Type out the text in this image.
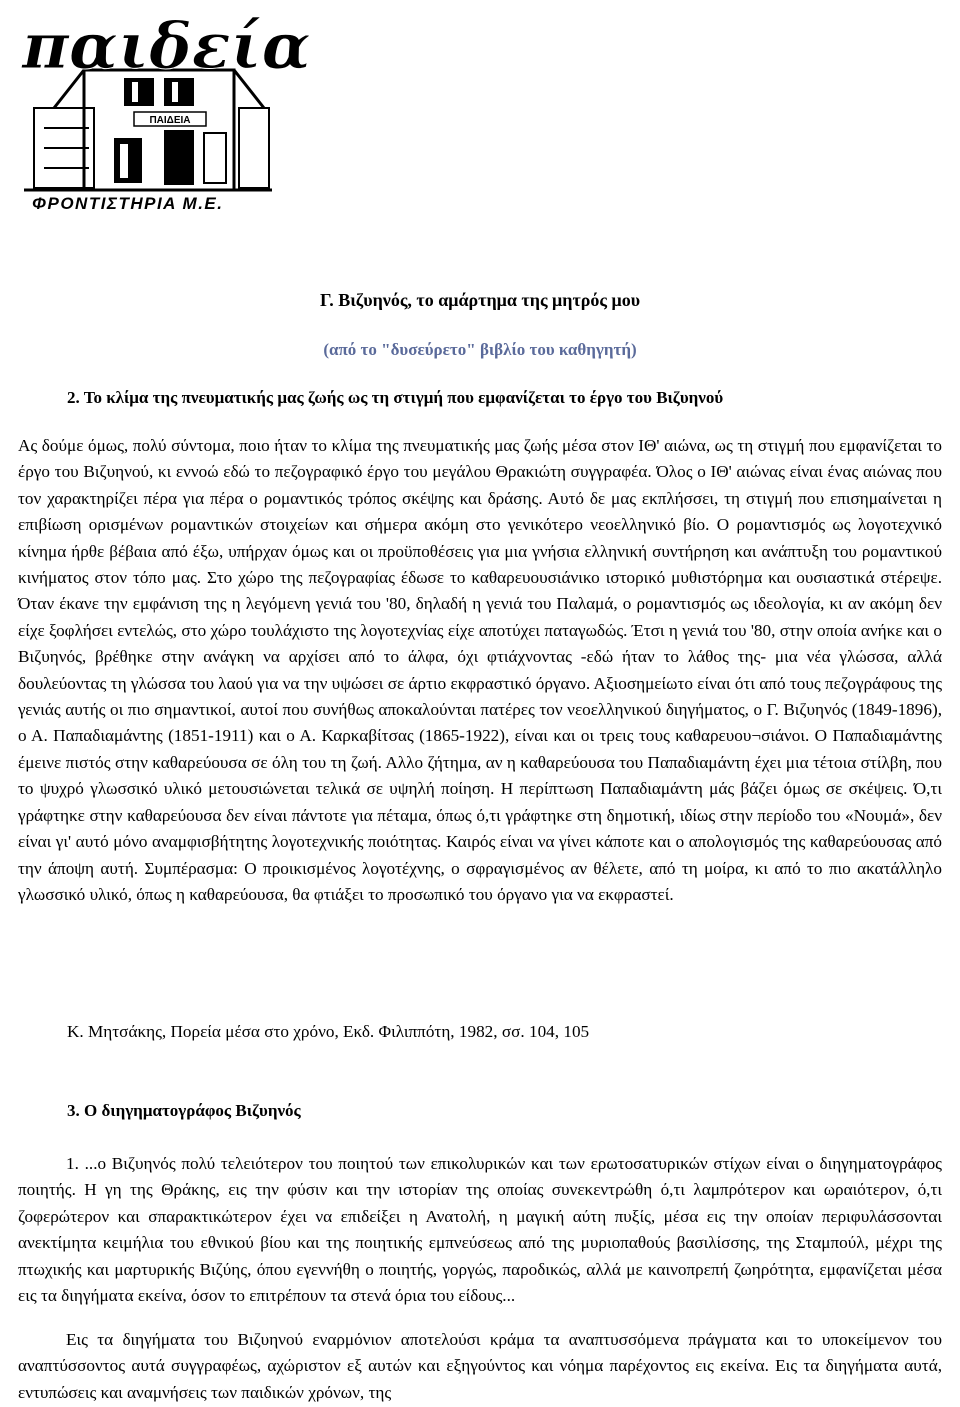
ΠΑΙΔΕΙΑ
παιδεία
ΦΡΟΝΤΙΣΤΗΡΙΑ Μ.Ε.
Γ. Βιζυηνός, το αμάρτημα της μητρός μου
(από το "δυσεύρετο" βιβλίο του καθηγητή)
2. Το κλίμα της πνευματικής μας ζωής ως τη στιγμή που εμφανίζεται το έργο του Βιζυηνού

Ας δούμε όμως, πολύ σύντομα, ποιο ήταν το κλίμα της πνευματικής μας ζωής μέσα στον ΙΘ' αιώνα, ως τη στιγμή που εμφανίζεται το έργο του Βιζυηνού, κι εννοώ εδώ το πεζογραφικό έργο του μεγάλου Θρακιώτη συγγραφέα. Όλος ο ΙΘ' αιώνας είναι ένας αιώνας που τον χαρακτηρίζει πέρα για πέρα ο ρομαντικός τρόπος σκέψης και δράσης. Αυτό δε μας εκπλήσσει, τη στιγμή που επισημαίνεται η επιβίωση ορισμένων ρομαντικών στοιχείων και σήμερα ακόμη στο γενικότερο νεοελληνικό βίο. Ο ρομαντισμός ως λογοτεχνικό κίνημα ήρθε βέβαια από έξω, υπήρχαν όμως και οι προϋποθέσεις για μια γνήσια ελληνική συντήρηση και ανάπτυξη του ρομαντικού κινήματος στον τόπο μας. Στο χώρο της πεζογραφίας έδωσε το καθαρευουσιάνικο ιστορικό μυθιστόρημα και ουσιαστικά στέρεψε. Όταν έκανε την εμφάνιση της η λεγόμενη γενιά του '80, δηλαδή η γενιά του Παλαμά, ο ρομαντισμός ως ιδεολογία, κι αν ακόμη δεν είχε ξοφλήσει εντελώς, στο χώρο τουλάχιστο της λογοτεχνίας είχε αποτύχει παταγωδώς. Έτσι η γενιά του '80, στην οποία ανήκε και ο Βιζυηνός, βρέθηκε στην ανάγκη να αρχίσει από το άλφα, όχι φτιάχνοντας -εδώ ήταν το λάθος της- μια νέα γλώσσα, αλλά δουλεύοντας τη γλώσσα του λαού για να την υψώσει σε άρτιο εκφραστικό όργανο. Αξιοσημείωτο είναι ότι από τους πεζογράφους της γενιάς αυτής οι πιο σημαντικοί, αυτοί που συνήθως αποκαλούνται πατέρες τον νεοελληνικού διηγήματος, ο Γ. Βιζυηνός (1849-1896), ο Α. Παπαδιαμάντης (1851-1911) και ο Α. Καρκαβίτσας (1865-1922), είναι και οι τρεις τους καθαρευου¬σιάνοι. Ο Παπαδιαμάντης έμεινε πιστός στην καθαρεύουσα σε όλη του τη ζωή. Αλλο ζήτημα, αν η καθαρεύουσα του Παπαδιαμάντη έχει μια τέτοια στίλβη, που το ψυχρό γλωσσικό υλικό μετουσιώνεται τελικά σε υψηλή ποίηση. Η περίπτωση Παπαδιαμάντη μάς βάζει όμως σε σκέψεις. Ό,τι γράφτηκε στην καθαρεύουσα δεν είναι πάντοτε για πέταμα, όπως ό,τι γράφτηκε στη δημοτική, ιδίως στην περίοδο του «Νουμά», δεν είναι γι' αυτό μόνο αναμφισβήτητης λογοτεχνικής ποιότητας. Καιρός είναι να γίνει κάποτε και ο απολογισμός της καθαρεύουσας από την άποψη αυτή. Συμπέρασμα: Ο προικισμένος λογοτέχνης, ο σφραγισμένος αν θέλετε, από τη μοίρα, κι από το πιο ακατάλληλο γλωσσικό υλικό, όπως η καθαρεύουσα, θα φτιάξει το προσωπικό του όργανο για να εκφραστεί.

Κ. Μητσάκης, Πορεία μέσα στο χρόνο, Εκδ. Φιλιππότη, 1982, σσ. 104, 105

3. Ο διηγηματογράφος Βιζυηνός

1. ...ο Βιζυηνός πολύ τελειότερον του ποιητού των επικολυρικών και των ερωτοσατυρικών στίχων είναι ο διηγηματογράφος ποιητής. Η γη της Θράκης, εις την φύσιν και την ιστορίαν της οποίας συνεκεντρώθη ό,τι λαμπρότερον και ωραιότερον, ό,τι ζοφερώτερον και σπαρακτικώτερον έχει να επιδείξει η Ανατολή, η μαγική αύτη πυξίς, μέσα εις την οποίαν περιφυλάσσονται ανεκτίμητα κειμήλια του εθνικού βίου και της ποιητικής εμπνεύσεως από της μυριοπαθούς βασιλίσσης, της Σταμπούλ, μέχρι της πτωχικής και μαρτυρικής Βιζύης, όπου εγεννήθη ο ποιητής, γοργώς, παροδικώς, αλλά με καινοπρεπή ζωηρότητα, εμφανίζεται μέσα εις τα διηγήματα εκείνα, όσον το επιτρέπουν τα στενά όρια του είδους...

Εις τα διηγήματα του Βιζυηνού εναρμόνιον αποτελούσι κράμα τα αναπτυσσόμενα πράγματα και το υποκείμενον του αναπτύσσοντος αυτά συγγραφέως, αχώριστον εξ αυτών και εξηγούντος και νόημα παρέχοντος εις εκείνα. Εις τα διηγήματα αυτά, εντυπώσεις και αναμνήσεις των παιδικών χρόνων, της
